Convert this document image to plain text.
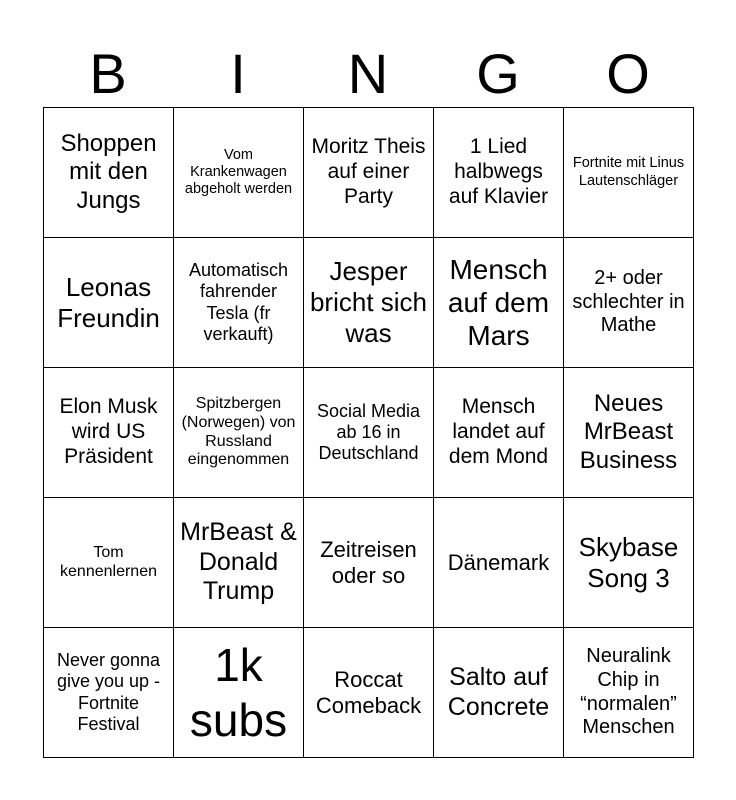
B	I	N	G	O
Shoppen mit den Jungs	Vom Krankenwagen abgeholt werden	Moritz Theis auf einer Party	1 Lied halbwegs auf Klavier	Fortnite mit Linus Lautenschläger
Leonas Freundin	Automatisch fahrender Tesla (fr verkauft)	Jesper bricht sich was	Mensch auf dem Mars	2+ oder schlechter in Mathe
Elon Musk wird US Präsident	Spitzbergen (Norwegen) von Russland eingenommen	Social Media ab 16 in Deutschland	Mensch landet auf dem Mond	Neues MrBeast Business
Tom kennenlernen	MrBeast & Donald Trump	Zeitreisen oder so	Dänemark	Skybase Song 3
Never gonna give you up - Fortnite Festival	1k subs	Roccat Comeback	Salto auf Concrete	Neuralink Chip in “normalen” Menschen
